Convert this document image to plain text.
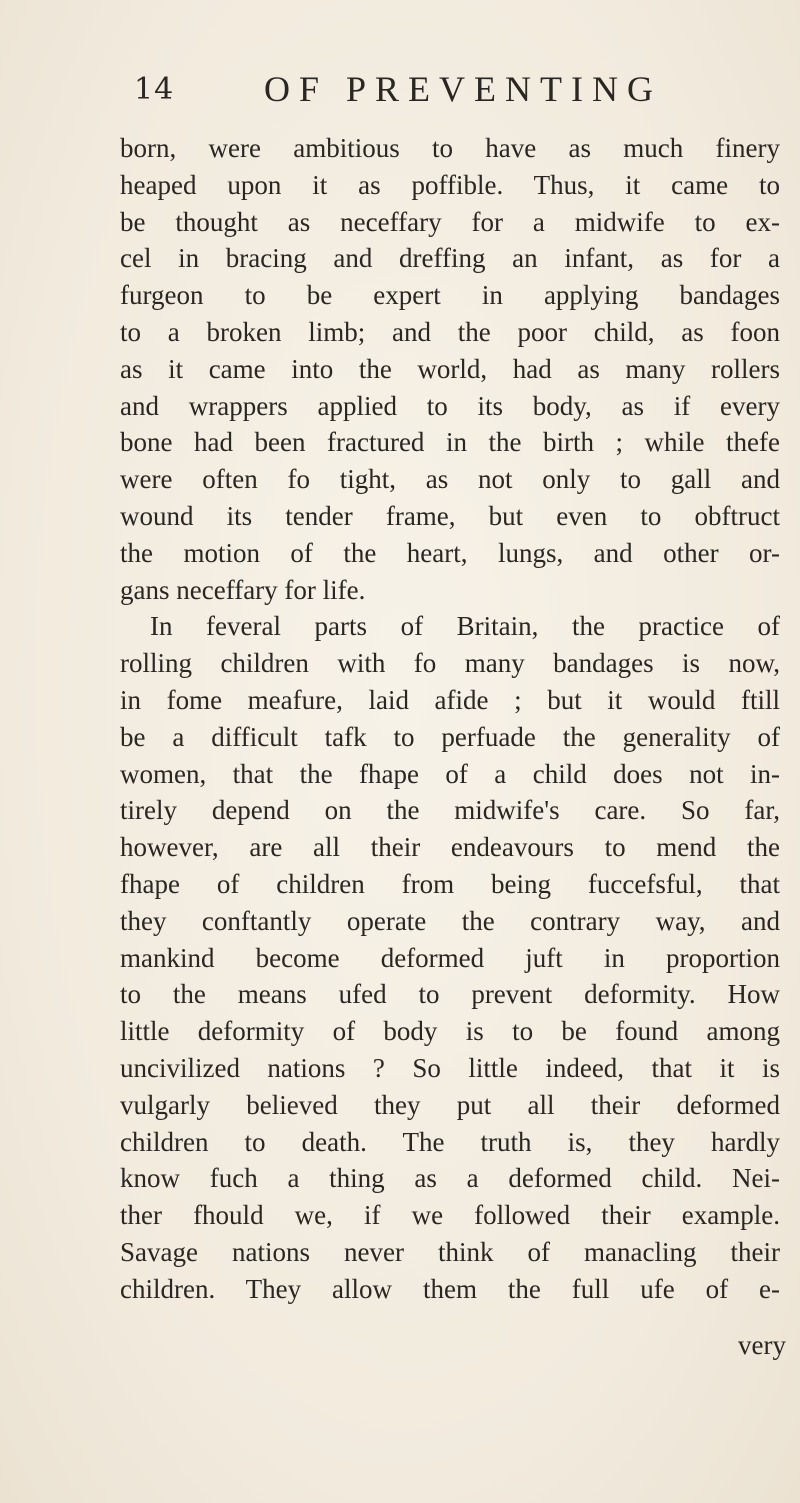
14 OF PREVENTING
born, were ambitious to have as much finery
heaped upon it as poffible. Thus, it came to
be thought as neceffary for a midwife to ex-
cel in bracing and dreffing an infant, as for a
furgeon to be expert in applying bandages
to a broken limb; and the poor child, as foon
as it came into the world, had as many rollers
and wrappers applied to its body, as if every
bone had been fractured in the birth ; while thefe
were often fo tight, as not only to gall and
wound its tender frame, but even to obftruct
the motion of the heart, lungs, and other or-
gans neceffary for life.
In feveral parts of Britain, the practice of
rolling children with fo many bandages is now,
in fome meafure, laid afide ; but it would ftill
be a difficult tafk to perfuade the generality of
women, that the fhape of a child does not in-
tirely depend on the midwife's care. So far,
however, are all their endeavours to mend the
fhape of children from being fuccefsful, that
they conftantly operate the contrary way, and
mankind become deformed juft in proportion
to the means ufed to prevent deformity. How
little deformity of body is to be found among
uncivilized nations ? So little indeed, that it is
vulgarly believed they put all their deformed
children to death. The truth is, they hardly
know fuch a thing as a deformed child. Nei-
ther fhould we, if we followed their example.
Savage nations never think of manacling their
children. They allow them the full ufe of e-
very
